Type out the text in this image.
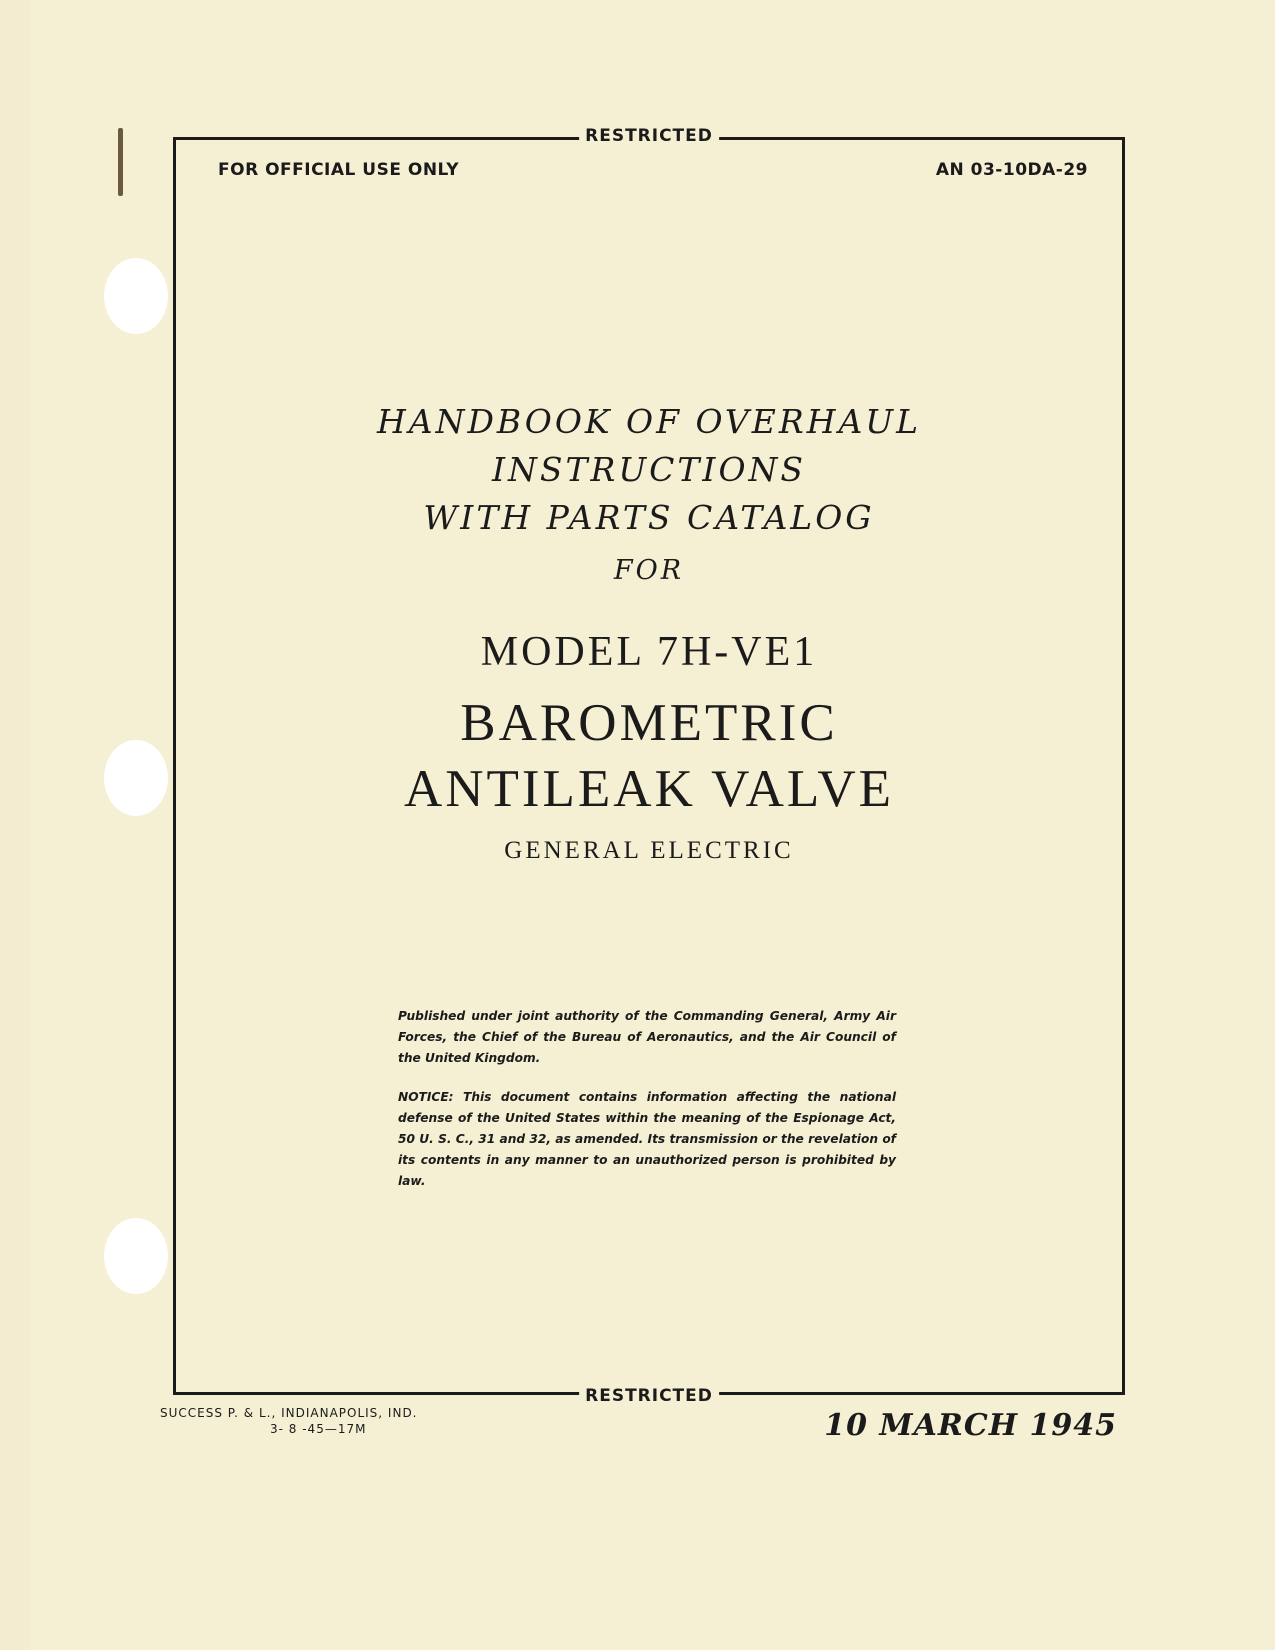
RESTRICTED
FOR OFFICIAL USE ONLY	AN 03-10DA-29

HANDBOOK OF OVERHAUL

INSTRUCTIONS

WITH PARTS CATALOG

FOR

MODEL 7H-VE1
BAROMETRIC
ANTILEAK VALVE
GENERAL ELECTRIC

Published under joint authority of the Commanding General, Army Air Forces, the Chief of the Bureau of Aeronautics, and the Air Council of the United Kingdom.

NOTICE: This document contains information affecting the national defense of the United States within the meaning of the Espionage Act, 50 U. S. C., 31 and 32, as amended. Its transmission or the revelation of its contents in any manner to an unauthorized person is prohibited by law.

RESTRICTED
SUCCESS P. & L., INDIANAPOLIS, IND.
3- 8 -45—17M	10 MARCH 1945
